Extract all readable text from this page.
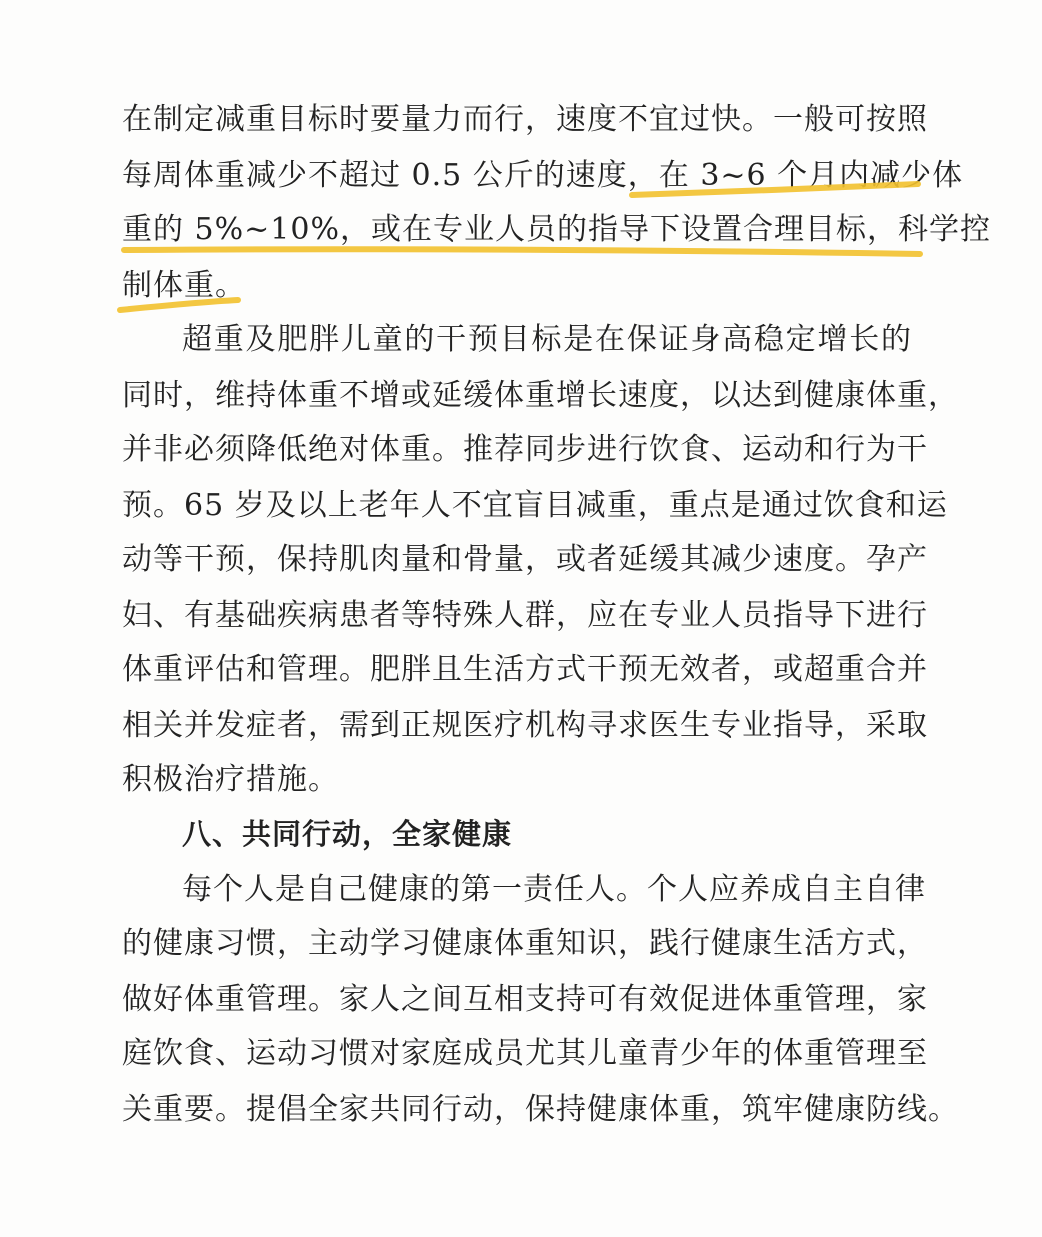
在制定减重目标时要量力而行，速度不宜过快。一般可按照
每周体重减少不超过 0.5 公斤的速度，在 3~6 个月内减少体
重的 5%~10%，或在专业人员的指导下设置合理目标，科学控
制体重。
超重及肥胖儿童的干预目标是在保证身高稳定增长的
同时，维持体重不增或延缓体重增长速度，以达到健康体重，
并非必须降低绝对体重。推荐同步进行饮食、运动和行为干
预。65 岁及以上老年人不宜盲目减重，重点是通过饮食和运
动等干预，保持肌肉量和骨量，或者延缓其减少速度。孕产
妇、有基础疾病患者等特殊人群，应在专业人员指导下进行
体重评估和管理。肥胖且生活方式干预无效者，或超重合并
相关并发症者，需到正规医疗机构寻求医生专业指导，采取
积极治疗措施。
八、共同行动，全家健康
每个人是自己健康的第一责任人。个人应养成自主自律
的健康习惯，主动学习健康体重知识，践行健康生活方式，
做好体重管理。家人之间互相支持可有效促进体重管理，家
庭饮食、运动习惯对家庭成员尤其儿童青少年的体重管理至
关重要。提倡全家共同行动，保持健康体重，筑牢健康防线。
